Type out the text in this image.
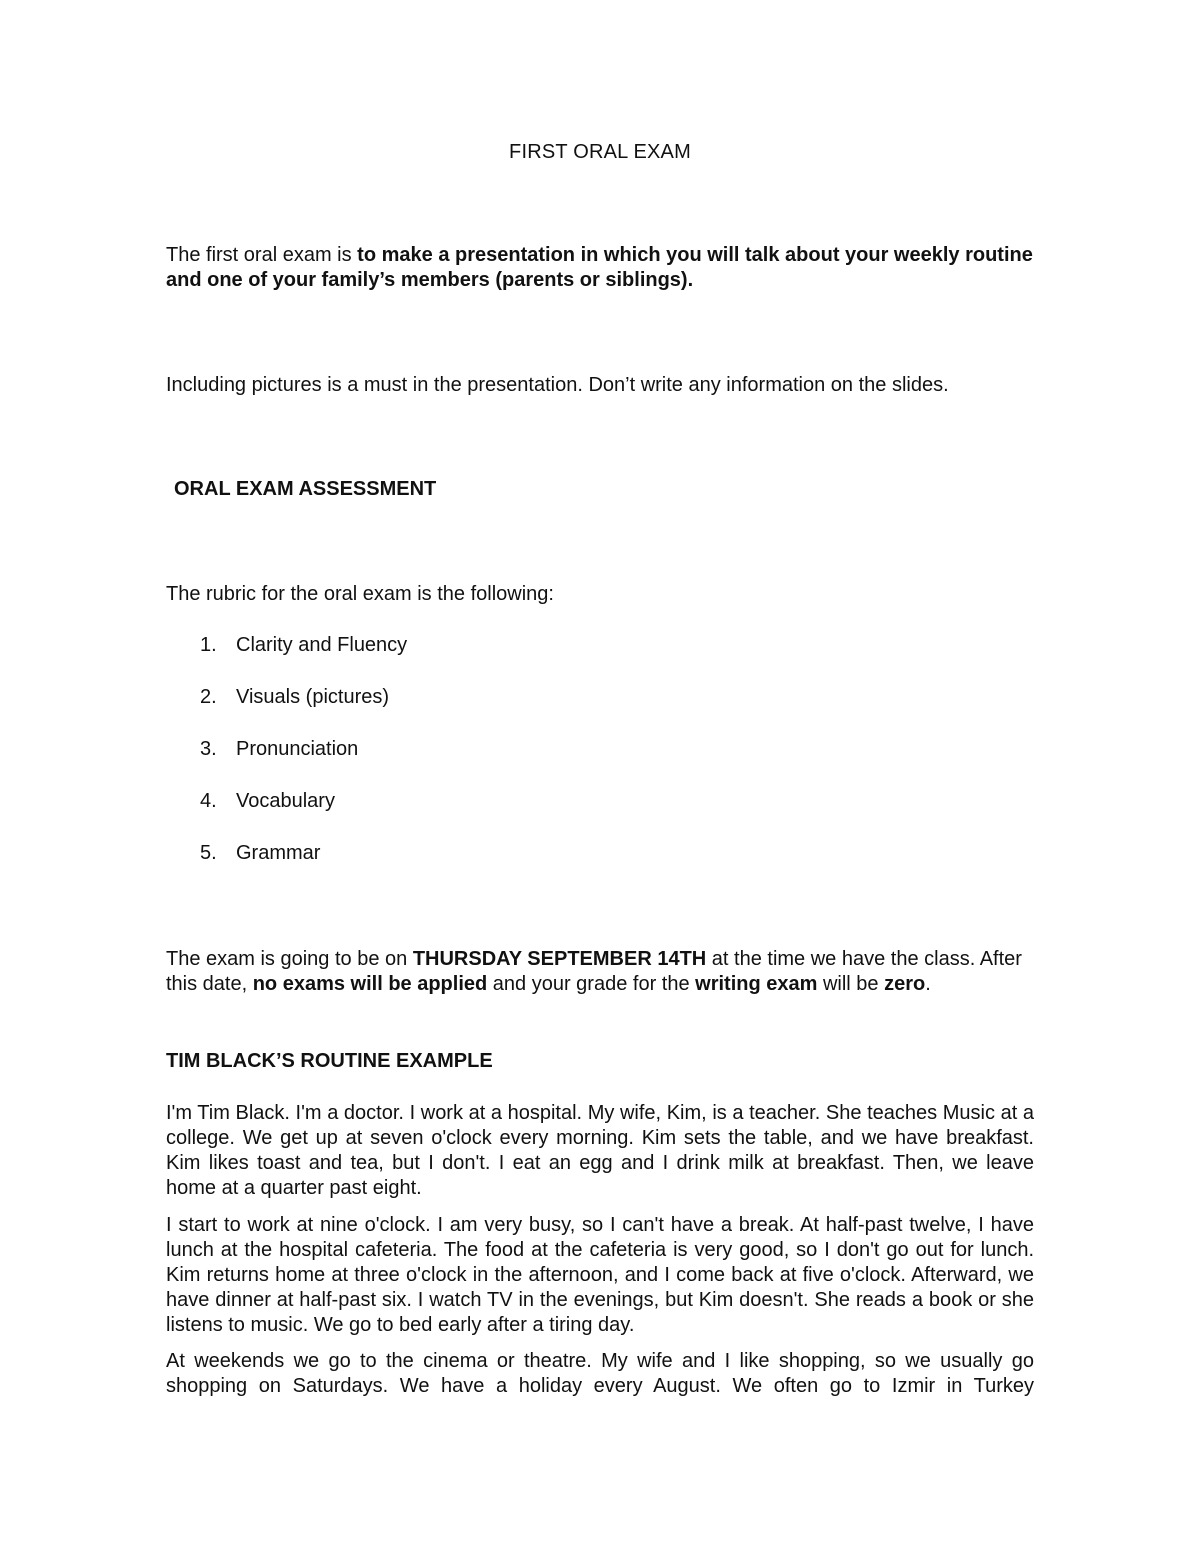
FIRST ORAL EXAM

The first oral exam is to make a presentation in which you will talk about your weekly routine and one of your family’s members (parents or siblings).

Including pictures is a must in the presentation. Don’t write any information on the slides.

ORAL EXAM ASSESSMENT

The rubric for the oral exam is the following:

1. Clarity and Fluency
2. Visuals (pictures)
3. Pronunciation
4. Vocabulary
5. Grammar

The exam is going to be on THURSDAY SEPTEMBER 14TH at the time we have the class. After this date, no exams will be applied and your grade for the writing exam will be zero.

TIM BLACK’S ROUTINE EXAMPLE

I'm Tim Black. I'm a doctor. I work at a hospital. My wife, Kim, is a teacher. She teaches Music at a college. We get up at seven o'clock every morning. Kim sets the table, and we have breakfast. Kim likes toast and tea, but I don't. I eat an egg and I drink milk at breakfast. Then, we leave home at a quarter past eight.

I start to work at nine o'clock. I am very busy, so I can't have a break. At half-past twelve, I have lunch at the hospital cafeteria. The food at the cafeteria is very good, so I don't go out for lunch. Kim returns home at three o'clock in the afternoon, and I come back at five o'clock. Afterward, we have dinner at half-past six. I watch TV in the evenings, but Kim doesn't. She reads a book or she listens to music. We go to bed early after a tiring day.

At weekends we go to the cinema or theatre. My wife and I like shopping, so we usually go shopping on Saturdays. We have a holiday every August. We often go to Izmir in Turkey
